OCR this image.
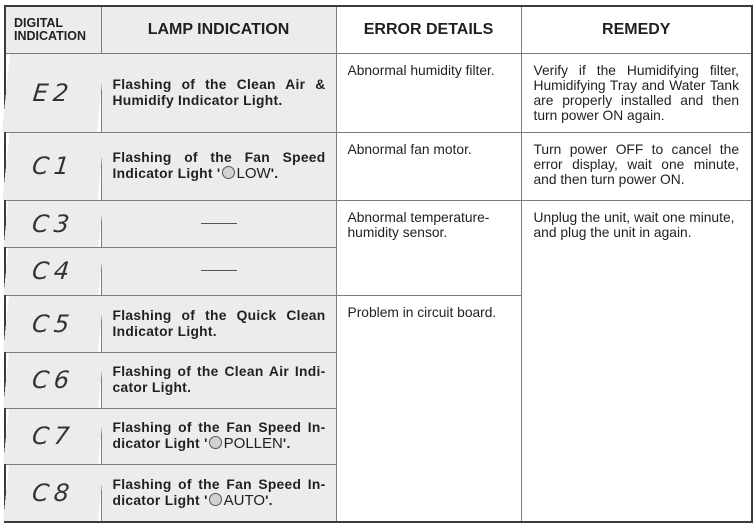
DIGITAL INDICATION	LAMP INDICATION	ERROR DETAILS	REMEDY
E2	Flashing of the Clean Air & Humidify Indicator Light.	Abnormal humidity filter.	Verify if the Humidifying filter, Humidifying Tray and Water Tank are properly installed and then turn power ON again.
C1	Flashing of the Fan Speed Indicator Light ' LOW'.	Abnormal fan motor.	Turn power OFF to cancel the error display, wait one minute, and then turn power ON.
C3		Abnormal temperature-humidity sensor.	Unplug the unit, wait one minute, and plug the unit in again.
C4			
C5	Flashing of the Quick Clean Indicator Light.	Problem in circuit board.	
C6	Flashing of the Clean Air Indi-cator Light.		
C7	Flashing of the Fan Speed In-dicator Light ' POLLEN'.		
C8	Flashing of the Fan Speed In-dicator Light ' AUTO'.		
